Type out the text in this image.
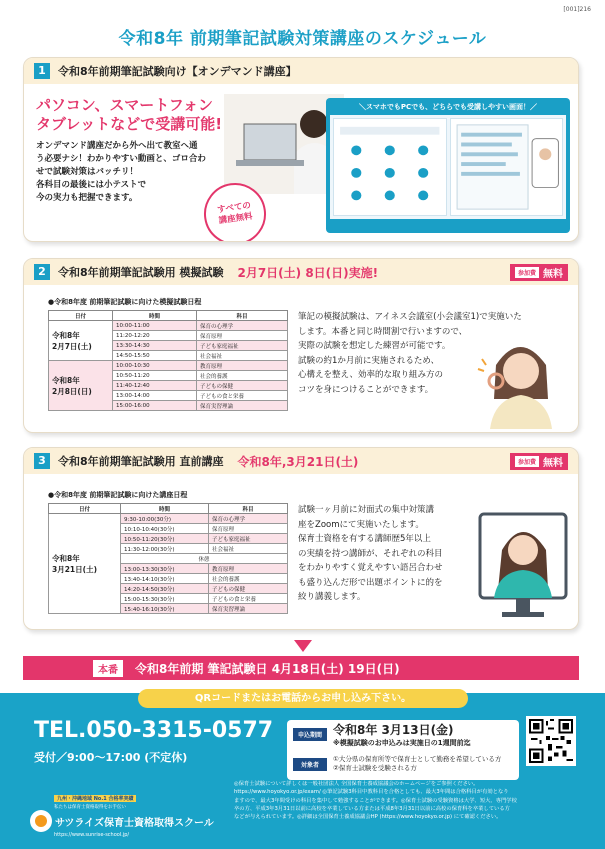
[001]216
令和8年 前期筆記試験対策講座のスケジュール
1	令和8年前期筆記試験向け【オンデマンド講座】
パソコン、スマートフォン
タブレットなどで受講可能!
オンデマンド講座だから外へ出て教室へ通
う必要ナシ！わかりやすい動画と、ゴロ合わ
せで試験対策はバッチリ！
各科目の最後には小テストで
今の実力も把握できます。
すべての
講座無料
＼スマホでもPCでも、どちらでも受講しやすい画面！／
2	令和8年前期筆記試験用 模擬試験 2月7日(土) 8日(日)実施!	参加費 無料
●令和8年度 前期筆記試験に向けた模擬試験日程
日付	時間	科目

令和8年
2月7日(土)	10:00-11:00	保育の心理学
	11:20-12:20	保育原理
	13:30-14:30	子ども家庭福祉
	14:50-15:50	社会福祉

令和8年
2月8日(日)	10:00-10:30	教育原理
	10:50-11:20	社会的養護
	11:40-12:40	子どもの保健
	13:00-14:00	子どもの食と栄養
	15:00-16:00	保育実習理論
筆記の模擬試験は、アイネス会議室(小会議室1)で実施いた
します。本番と同じ時間割で行いますので、
実際の試験を想定した練習が可能です。
試験の約1か月前に実施されるため、
心構えを整え、効率的な取り組み方の
コツを身につけることができます。
3	令和8年前期筆記試験用 直前講座 令和8年,3月21日(土)	参加費 無料
●令和8年度 前期筆記試験に向けた講座日程
日付	時間	科目

令和8年
3月21日(土)	9:30-10:00(30分)	保育の心理学
	10:10-10:40(30分)	保育原理
	10:50-11:20(30分)	子ども家庭福祉
	11:30-12:00(30分)	社会福祉
	休憩	
	13:00-13:30(30分)	教育原理
	13:40-14:10(30分)	社会的養護
	14:20-14:50(30分)	子どもの保健
	15:00-15:30(30分)	子どもの食と栄養
	15:40-16:10(30分)	保育実習理論
試験一ヶ月前に対面式の集中対策講
座をZoomにて実施いたします。
保育士資格を有する講師歴5年以上
の実績を持つ講師が、それぞれの科目
をわかりやすく覚えやすい語呂合わせ
も盛り込んだ形で出題ポイントに的を
絞り講義します。
本番	令和8年前期 筆記試験日 4月18日(土) 19日(日)
QRコードまたはお電話からお申し込み下さい。
TEL.050-3315-0577
受付／9:00～17:00 (不定休)
申込期間 令和8年 3月13日(金)
※模擬試験のお申込みは実施日の1週間前迄
対象者
①大分県の保育所等で保育士として勤務を希望している方
②保育士試験を受験される方
九州・沖縄地域 No.1 合格率実績
私たちは保育士資格取得をお手伝い
サツライズ保育士資格取得スクール
https://www.sunrise-school.jp/
◎保育士試験について詳しくは一般社団法人 全国保育士養成協議会のホームページをご参照ください。
https://www.hoyokyo.or.jp/exam/ ◎筆記試験3科目中教科目を合格としても、最大3年間は合格科目が有効となり
ますので、最大3年間受けの科目を集中して勉強することができます。◎保育士試験の受験資格は大学、短大、専門学校
卒の方、平成3年3月31日以前に高校を卒業している方または平成8年3月31日以前に高校の保育科を卒業している方
などが与えられています。◎詳細は全国保育士養成協議会HP (https://www.hoyokyo.or.jp) にて確認ください。
